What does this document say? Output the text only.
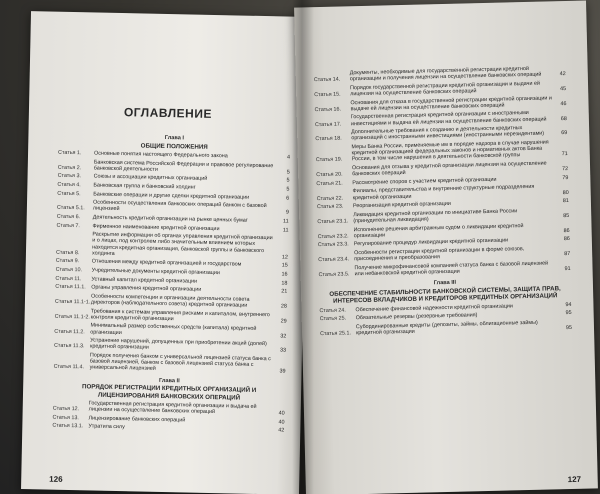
ОГЛАВЛЕНИЕ
Глава I
ОБЩИЕ ПОЛОЖЕНИЯ
Статья 1.	Основные понятия настоящего Федерального закона	4
Статья 2.	Банковская система Российской Федерации и правовое регулирование банковской деятельности	5
Статья 3.	Союзы и ассоциации кредитных организаций	5
Статья 4.	Банковская группа и банковский холдинг	5
Статья 5.	Банковские операции и другие сделки кредитной организации	6
Статья 5.1.	Особенности осуществления банковских операций банком с базовой лицензией
9
Статья 6.	Деятельность кредитной организации на рынке ценных бумаг	11
Статья 7.	Фирменное наименование кредитной организации	11
Статья 8.
Раскрытие информации об органах управления кредитной организации и о лицах, под контролем либо значительным влиянием которых находится кредитная организация, банковской группы и банковского холдинга
12
Статья 9.	Отношения между кредитной организацией и государством	15
Статья 10.	Учредительные документы кредитной организации	16
Статья 11.	Уставный капитал кредитной организации	18
Статья 11.1.	Органы управления кредитной организации	21
Статья 11.1-1. Особенности компетенции и организации деятельности совета директоров (наблюдательного совета) кредитной организации	28
Статья 11.1-2. Требования к системам управления рисками и капиталом, внутреннего контроля кредитной организации	29
Статья 11.2.	Минимальный размер собственных средств (капитала) кредитной организации
32
Статья 11.3.	Устранение нарушений, допущенных при приобретении акций (долей) кредитной организации	33
Статья 11.4.
Порядок получения банком с универсальной лицензией статуса банка с базовой лицензией, банком с базовой лицензией статуса банка с универсальной лицензией	39
Глава II
ПОРЯДОК РЕГИСТРАЦИИ КРЕДИТНЫХ ОРГАНИЗАЦИЙ И ЛИЦЕНЗИРОВАНИЯ БАНКОВСКИХ ОПЕРАЦИЙ
Статья 12.	Государственная регистрация кредитной организации и выдача ей лицензии на осуществление банковских операций	40
Статья 13.	Лицензирование банковских операций	40
Статья 13.1. Утратила силу
42
126
Статья 14.
Документы, необходимые для государственной регистрации кредитной организации и получения лицензии на осуществление банковских операций	42
Статья 15.
Порядок государственной регистрации кредитной организации и выдачи ей лицензии на осуществление банковских операций	45
Статья 16.
Основания для отказа в государственной регистрации кредитной организации и выдаче ей лицензии на осуществление банковских операций	46
Статья 17.
Государственная регистрация кредитной организации с иностранными инвестициями и выдача ей лицензии на осуществление банковских операций	68
Статья 18.
Дополнительные требования к созданию и деятельности кредитных организаций с иностранными инвестициями (иностранными нерезидентами)	69
Статья 19.
Меры Банка России, применяемые им в порядке надзора в случае нарушения кредитной организацией федеральных законов и нормативных актов Банка России, в том числе нарушения в деятельности банковской группы	71
Статья 20.
Основания для отзыва у кредитной организации лицензии на осуществление банковских операций
72
Статья 21.	Рассмотрение споров с участием кредитной организации	79
Статья 22.
Филиалы, представительства и внутренние структурные подразделения кредитной организации
80
Статья 23.	Реорганизация кредитной организации	81
Статья 23.1.
Ликвидация кредитной организации по инициативе Банка России (принудительная ликвидация)
85
Статья 23.2.
Исполнение решения арбитражным судом о ликвидации кредитной организации
86
Статья 23.3. Регулирование процедур ликвидации кредитной организации	86
Статья 23.4.
Особенности регистрации кредитной организации в форме союзов, присоединения и преобразования
87
Статья 23.5.
Получение микрофинансовой компанией статуса банка с базовой лицензией или небанковской кредитной организации	91
Глава III
ОБЕСПЕЧЕНИЕ СТАБИЛЬНОСТИ БАНКОВСКОЙ СИСТЕМЫ, ЗАЩИТА ПРАВ, ИНТЕРЕСОВ ВКЛАДЧИКОВ И КРЕДИТОРОВ КРЕДИТНЫХ ОРГАНИЗАЦИЙ
Статья 24.	Обеспечение финансовой надежности кредитной организации	94
Статья 25.	Обязательные резервы (резервные требования)	95
Статья 25.1.
Субординированные кредиты (депозиты, займы, облигационные займы) кредитной организации
95
127
